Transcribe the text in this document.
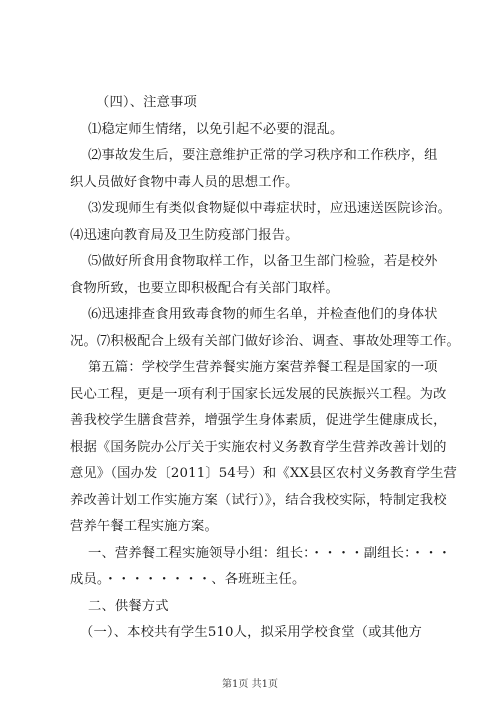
（四）、注意事项
⑴稳定师生情绪，以免引起不必要的混乱。
⑵事故发生后，要注意维护正常的学习秩序和工作秩序，组
织人员做好食物中毒人员的思想工作。
⑶发现师生有类似食物疑似中毒症状时，应迅速送医院诊治。
⑷迅速向教育局及卫生防疫部门报告。
⑸做好所食用食物取样工作，以备卫生部门检验，若是校外
食物所致，也要立即积极配合有关部门取样。
⑹迅速排查食用致毒食物的师生名单，并检查他们的身体状
况。⑺积极配合上级有关部门做好诊治、调查、事故处理等工作。
第五篇：学校学生营养餐实施方案营养餐工程是国家的一项
民心工程，更是一项有利于国家长远发展的民族振兴工程。为改
善我校学生膳食营养，增强学生身体素质，促进学生健康成长，
根据《国务院办公厅关于实施农村义务教育学生营养改善计划的
意见》（国办发〔2011〕54号）和《XX县区农村义务教育学生营
养改善计划工作实施方案（试行）》，结合我校实际，特制定我校
营养午餐工程实施方案。
一、营养餐工程实施领导小组：组长：・・・・副组长：・・・
成员。・・・・・・・・、各班班主任。
二、供餐方式
（一）、本校共有学生510人，拟采用学校食堂（或其他方
第1页 共1页
